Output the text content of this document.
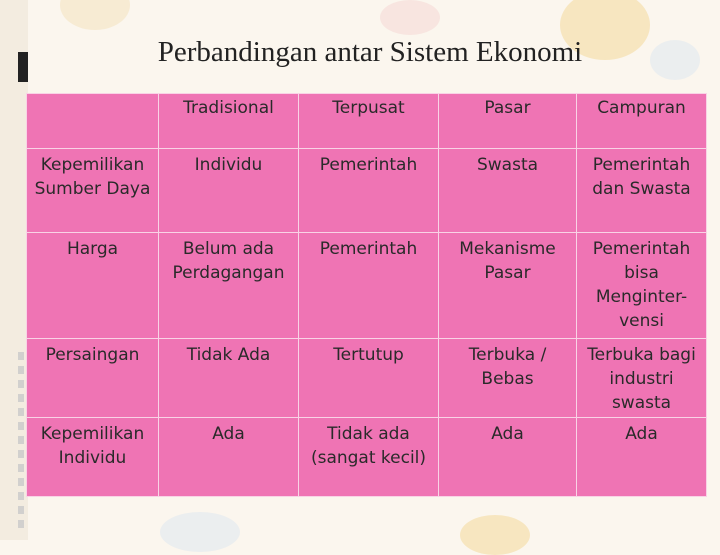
Perbandingan antar Sistem Ekonomi
	Tradisional	Terpusat	Pasar	Campuran
Kepemilikan Sumber Daya	Individu	Pemerintah	Swasta	Pemerintah dan Swasta
Harga	Belum ada Perdagangan	Pemerintah	Mekanisme Pasar	Pemerintah bisa Menginter-vensi
Persaingan	Tidak Ada	Tertutup	Terbuka / Bebas	Terbuka bagi industri swasta
Kepemilikan Individu	Ada	Tidak ada (sangat kecil)	Ada	Ada
